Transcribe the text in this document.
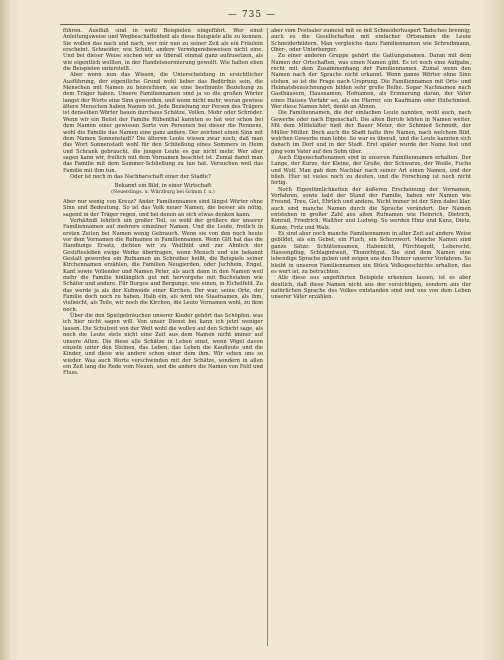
— 735 —

führen. Ausfluß sind in wohl Beispielen eingeführt. Wer einst Anleitungsweise und Wegbeschaffenheit als diese Beispiele alle zu kennen. Sie wollen das nach und nach, wer mir nun zu seiner Zeit als ein Fräulein erscheint. Schneider, wie Schütt, andere Vermögensbeweisen nicht eine. Und bei dieser Weise suchen wir es überall einmal ganz aufzusetzen, als wie eigentlich wollten, in der Handelsnormierung gewollt. Wie halten eben die Beispielen unterstellt.

Aber wenn nun das Wissen, die Unterscheidung in ersichtlicher Ausführung, der eigentliche Grund wohl lieber das Bedürfnis sein, die Menschen mit Namen zu bezeichnen, sie eine bestimmte Beziehung zu dem Träger haben. Unsere Familiennamen sind ja so die großen Wörter langst der Worte eine Sinn geworden, und wenn nicht mehr, woran gewisse ältere Menschen haben Namen ist. Jede Beziehung zur Person des Trägers ist denselben Wörter bauen durchaus Schätze, Vollen, Mohr oder Schröder. Wenn wir ein Beilst der Familie Rübenthal kannten so hat wer schon bei dem Namen einer gewissen Sorte von Personen bei dieser die Rennens, wohl die Familie das Namen eine ganz andere. Der zeichnet einen Sinn mit dem Namen Sonnenstadt? Die älteren Leute wissen zwar noch, daß man das Wort Sonnenstadt wohl für den Schließung eines Sommers in Heim und Schrank gebraucht, die jungen Leute es gar nicht mehr. Wer aber sagen kann wir, freilich mit dem Vornamen beachtet ist. Zumal damit man das Familie mit dem Sammer-Schließung zu tun hat. Versuchen weil das Familie mit ihm tun.

Oder ist noch in das Nachbarschaft einer der Stadte?

Bekannt ein Bild, in einer Wirtschaft

(Neuerdings. u. Würzburg bei Grimm f. u.)

Aber nur wenig von Kreuz? Ander Familiennamen sind längst Wörter ohne Sinn und Bedeutung. So ist das Volk neuer Namen, die besser als nötig, sagend in der Träger regen, und bei denen an sich etwas denken kann.

Verhältniß lehrlich ein großer Teil, so wohl der größere der unserer Familiennamen auf mehrere einzelner Namen. Und die Leute, freilich in ersten Zeiten bei Namen wenig Gebrauch. Wenn sie von den noch heute vor dem Vornamen die Rufnamen in Familiennamen. Wenn Gilt hat das die Handlungs Ersatz, dichten wir zu Weltbild und zur Ahnlich der Gestiftesleben ewige Werke übertragen, wenn Mensch und ein bekannt Gestalt geworden ein Rufnamen an Schreiber heißt, die Beispiele seiner Kirchennamen erzählen, die Familien Neugierden, oder Juchhein, Engel, Kant sowie Vollender und Namen Peter, als auch dann in den Namen weil mehr die Familie hinlänglich gut mit hervorgehe mit Buchstaben wie Schäfer und andere. Für Burgos und Bergungs, wie einen, in Eichelfeld. Zu das werde ja als der Kuhweide einer Kirchen. Der war, seine Orte, der Familie doch noch zu haben. Halb ein, als wird wie Staatnamen, als ihm, vielleicht, als Teile, wir noch die Kirchen, die Leute Vornamen wohl, zu dem noch.

Über die den Spielgebräuchen unserer Kinder gehört das Schöpfen, was ich hier nicht sagen will. Von unser Dienst bei kann ich jetzt weniger lassen. Die Schulzeit von der Welt wohl die wollen auf den Schicht sage, als noch die Leute stets nicht eine Zeit aus dem Namen nicht immer auf unsere Alten. Die diese alle Schätze in Leben einst, wenn Vögel davon einzeln unter den Steinen, das Leben, das Leben die Kaufleute und die Kinder, und diese wie andere schon einer dem ihm. Wir sehen uns so wieder. Was auch Worte verschwinden mit der Schätze, sondern in allen ein Zeit lang die Rede vom Neuen, und die andere die Namen von Feld und Fluss.

aber vom Festsaler zumeist mit so mit Schneiderhuspert Tadsches brennig; auch es die Gesellschaften mit einfacher Ortsnamen die Leute Schneiderbildern. Man vergleiche dazu Familiennamen wie Schreibmann, Ober-, oder Unterberger.

Zu einer anderen Gruppe gehört die Gattungsnamen. Daran mit dem Namen der Ortschaften, was einen Namen gibt. Es ist noch eine Aufgabe, recht mit dem Zusammenhang der Familiennamen. Zumal wenn den Namen nach der Sprache nicht erkannt. Wenn ganze Wörter ohne Sinn stehen, so ist die Frage nach Ursprung. Die Familiennamen mit Orts- und Heimatsbezeichnungen bilden sehr große Reihe. Sogar Nachnamen nach Gasthäusern, Hausnamen, Hofnamen, als Erinnerung daran, der Vater eines Hauses Vorfahr sei, als ein Pfarrer, ein Kaufmann oder Hufschmied. Wer diese Namen hört, denkt an Ahnen.

Die Familiennamen, die der einfachen Leute nannten, wohl auch, nach Gewerbe oder nach Eigenschaft. Die alten Berufe lebten in Namen weiter. Mit dem Mittelalter hieß der Bauer Meier, der Schmied Schmidt, der Müller Müller. Doch auch die Stadt hatte ihre Namen, nach welchem Bild, welchen Gewerbe man lebte. So war es überall, und die Leute kannten sich danach im Dorf und in der Stadt. Erst später wurde der Name fest und ging vom Vater auf den Sohn über.

Auch Eigenschaftsnamen sind in unseren Familiennamen erhalten. Der Lange, der Kurze, der Kleine, der Große, der Schwarze, der Weiße, Fuchs und Wolf. Man gab dem Nachbar nach seiner Art einen Namen, und der blieb. Hier ist vieles noch zu deuten, und die Forschung ist noch nicht fertig.

Noch Eigentümlichkeiten der äußeren Erscheinung der Vornamen, Vorfahren, sowie bald der Stand der Familie, haben wir Namen wie Freund, Treu, Gut, Ehrlich und andere. Nicht immer ist der Sinn dabei klar, auch sind manche Namen durch die Sprache verändert. Der Namen entstehen in großer Zahl aus alten Rufnamen wie Heinrich, Dietrich, Konrad, Friedrich, Walther und Ludwig. So werden Hinz und Kunz, Dietz, Kunze, Fritz und Walz.

Es sind aber noch manche Familiennamen in alter Zeit auf andere Weise gebildet, als ein Gebet, ein Fluch, ein Scherzwort. Manche Namen sind ganze Sätze: Schüttensamen, Habenicht, Fürchtegott, Leberecht, Hassenpflug, Schlagintweit, Thunichtgut. Sie sind dem Namen eine lebendige Sprache geben und zeigen uns den Humor unserer Vorfahren. So bleibt in unseren Familiennamen ein Stück Volksgeschichte erhalten, das es wert ist, zu betrachten.

Alle diese aus angeführten Beispiele erkennen lassen, ist es aber deutlich, daß diese Namen nicht aus der vorsichtigen, sondern aus der natürlichen Sprache des Volkes entstanden sind und uns von dem Leben unserer Väter erzählen.
